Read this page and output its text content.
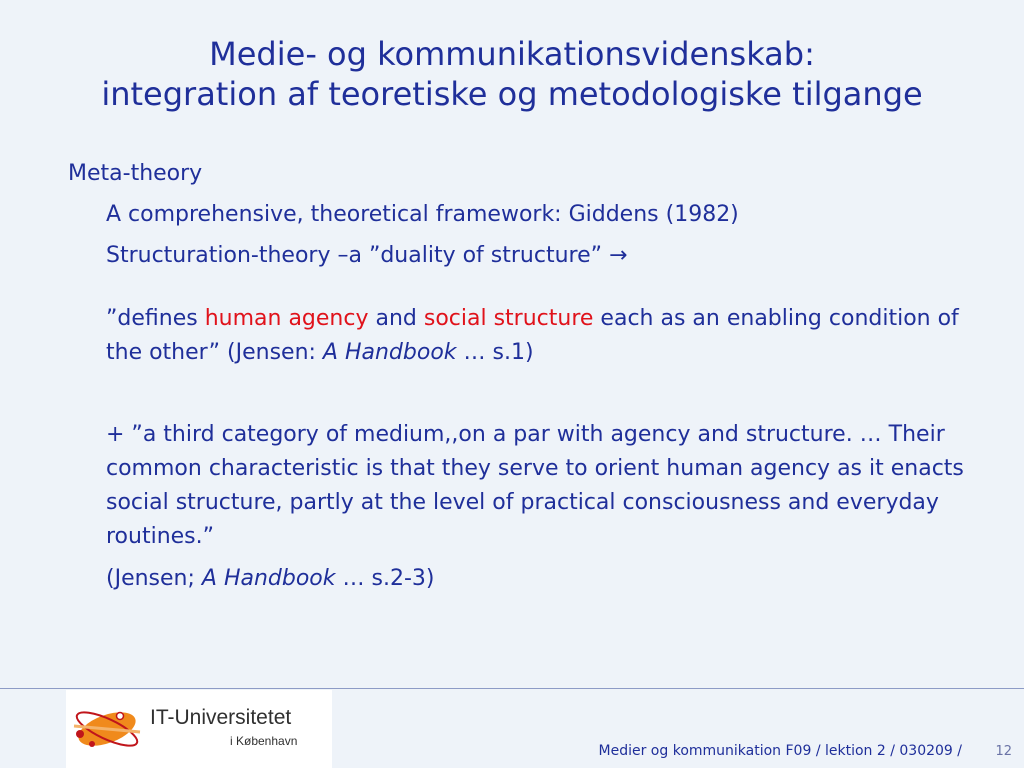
Medie- og kommunikationsvidenskab:
integration af teoretiske og metodologiske tilgange
Meta-theory
A comprehensive, theoretical framework: Giddens (1982)
Structuration-theory –a ”duality of structure” →
”defines human agency and social structure each as an enabling condition of the other” (Jensen: A Handbook … s.1)
+ ”a third category of medium,,on a par with agency and structure. … Their common characteristic is that they serve to orient human agency as it enacts social structure, partly at the level of practical consciousness and everyday routines.”
(Jensen; A Handbook … s.2-3)
IT-Universitetet
i København
Medier og kommunikation F09 / lektion 2 / 030209 /	12
